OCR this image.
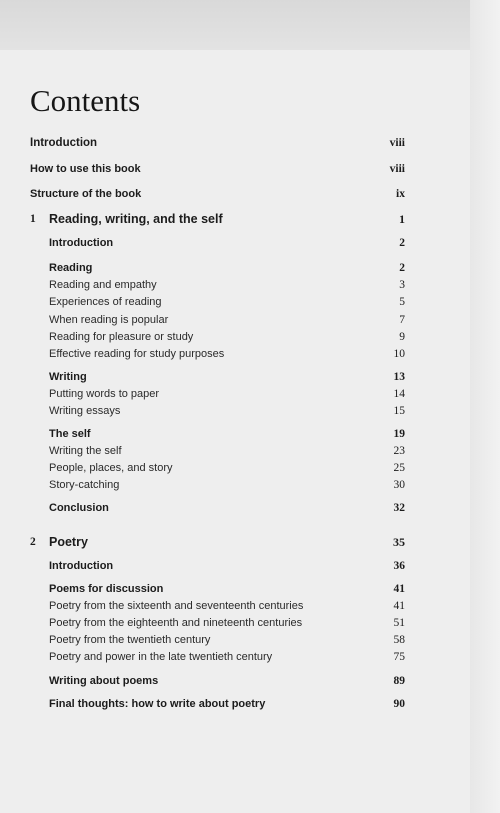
Contents
Introduction	viii
How to use this book	viii
Structure of the book	ix
1 Reading, writing, and the self	1
Introduction	2
Reading	2
Reading and empathy	3
Experiences of reading	5
When reading is popular	7
Reading for pleasure or study	9
Effective reading for study purposes	10
Writing	13
Putting words to paper	14
Writing essays	15
The self	19
Writing the self	23
People, places, and story	25
Story-catching	30
Conclusion	32
2 Poetry	35
Introduction	36
Poems for discussion	41
Poetry from the sixteenth and seventeenth centuries	41
Poetry from the eighteenth and nineteenth centuries	51
Poetry from the twentieth century	58
Poetry and power in the late twentieth century	75
Writing about poems	89
Final thoughts: how to write about poetry	90
